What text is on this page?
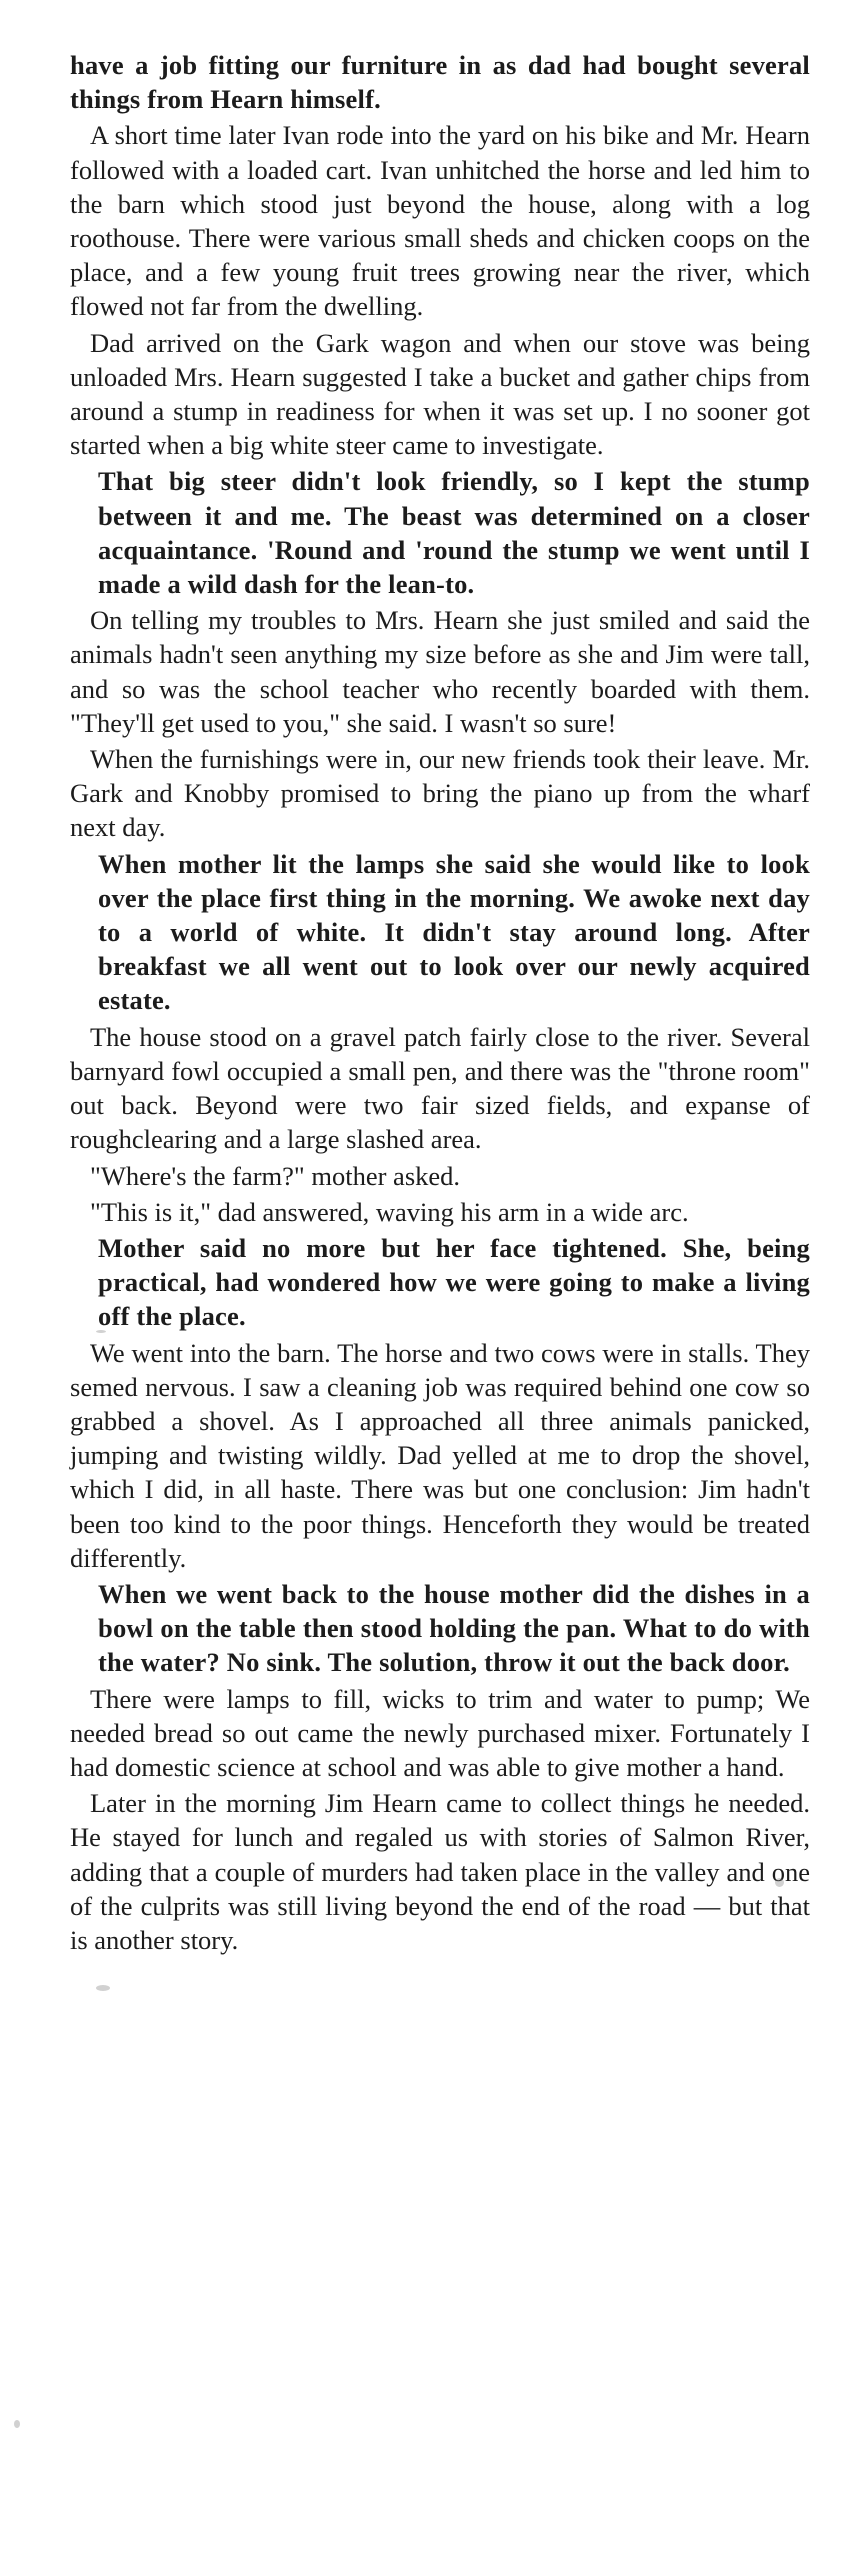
have a job fitting our furniture in as dad had bought several things from Hearn himself.

A short time later Ivan rode into the yard on his bike and Mr. Hearn followed with a loaded cart. Ivan unhitched the horse and led him to the barn which stood just beyond the house, along with a log roothouse. There were various small sheds and chicken coops on the place, and a few young fruit trees growing near the river, which flowed not far from the dwelling.

Dad arrived on the Gark wagon and when our stove was being unloaded Mrs. Hearn suggested I take a bucket and gather chips from around a stump in readiness for when it was set up. I no sooner got started when a big white steer came to investigate.

That big steer didn't look friendly, so I kept the stump between it and me. The beast was determined on a closer acquaintance. 'Round and 'round the stump we went until I made a wild dash for the lean-to.

On telling my troubles to Mrs. Hearn she just smiled and said the animals hadn't seen anything my size before as she and Jim were tall, and so was the school teacher who recently boarded with them. "They'll get used to you," she said. I wasn't so sure!

When the furnishings were in, our new friends took their leave. Mr. Gark and Knobby promised to bring the piano up from the wharf next day.

When mother lit the lamps she said she would like to look over the place first thing in the morning. We awoke next day to a world of white. It didn't stay around long. After breakfast we all went out to look over our newly acquired estate.

The house stood on a gravel patch fairly close to the river. Several barnyard fowl occupied a small pen, and there was the "throne room" out back. Beyond were two fair sized fields, and expanse of roughclearing and a large slashed area.

"Where's the farm?" mother asked.

"This is it," dad answered, waving his arm in a wide arc.

Mother said no more but her face tightened. She, being practical, had wondered how we were going to make a living off the place.

We went into the barn. The horse and two cows were in stalls. They semed nervous. I saw a cleaning job was required behind one cow so grabbed a shovel. As I approached all three animals panicked, jumping and twisting wildly. Dad yelled at me to drop the shovel, which I did, in all haste. There was but one conclusion: Jim hadn't been too kind to the poor things. Henceforth they would be treated differently.

When we went back to the house mother did the dishes in a bowl on the table then stood holding the pan. What to do with the water? No sink. The solution, throw it out the back door.

There were lamps to fill, wicks to trim and water to pump; We needed bread so out came the newly purchased mixer. Fortunately I had domestic science at school and was able to give mother a hand.

Later in the morning Jim Hearn came to collect things he needed. He stayed for lunch and regaled us with stories of Salmon River, adding that a couple of murders had taken place in the valley and one of the culprits was still living beyond the end of the road — but that is another story.
